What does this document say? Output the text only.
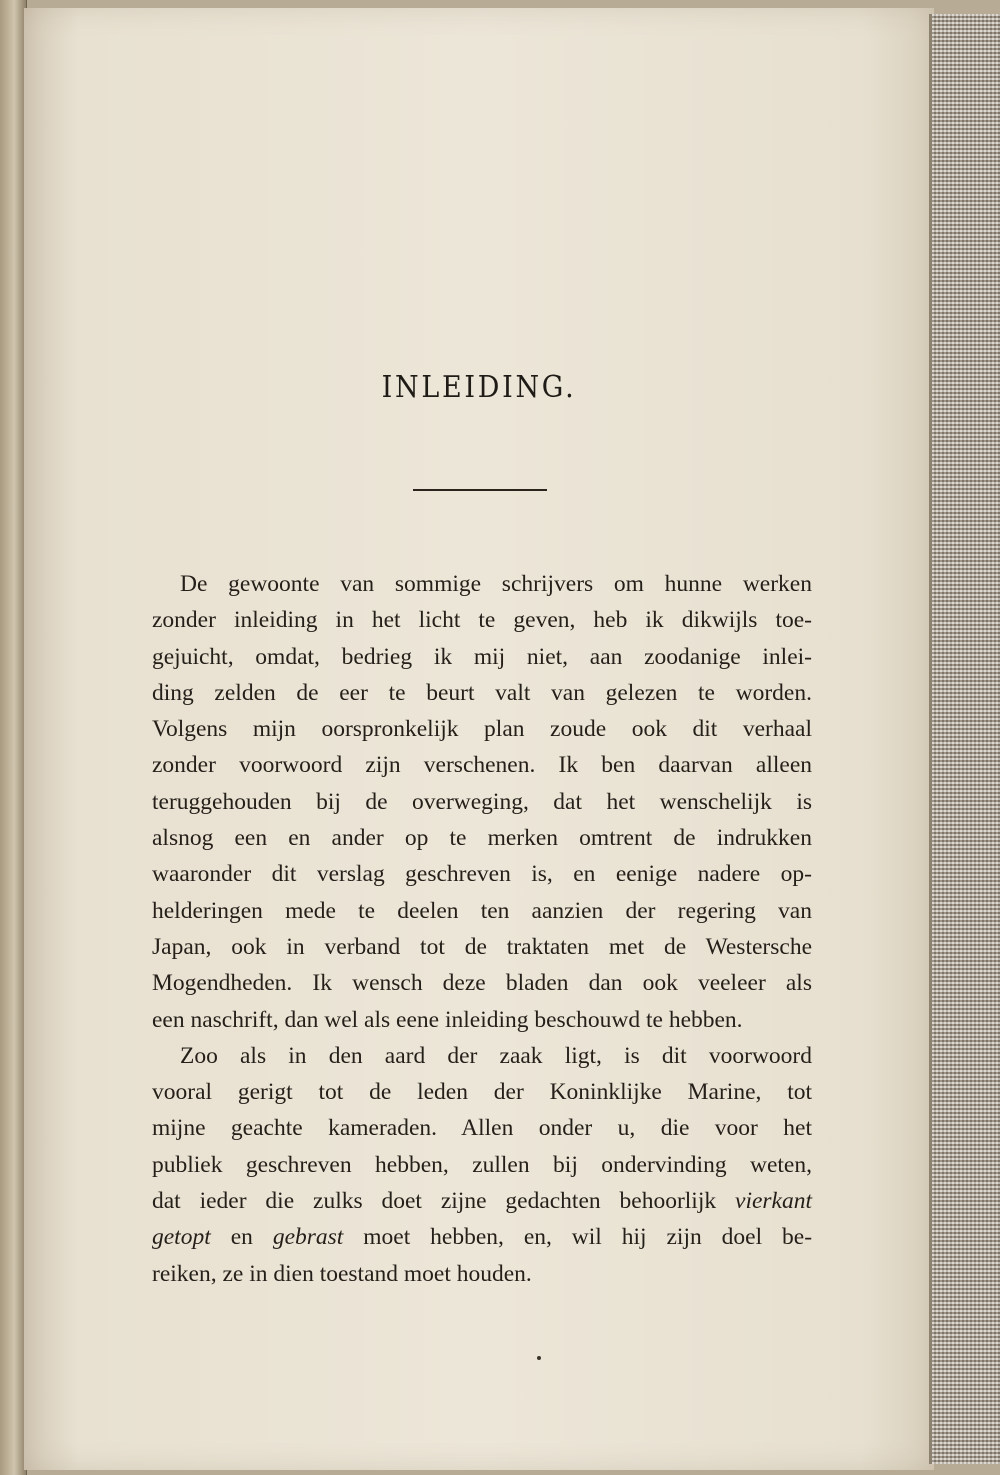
INLEIDING.
De gewoonte van sommige schrijvers om hunne werken
zonder inleiding in het licht te geven, heb ik dikwijls toe-
gejuicht, omdat, bedrieg ik mij niet, aan zoodanige inlei-
ding zelden de eer te beurt valt van gelezen te worden.
Volgens mijn oorspronkelijk plan zoude ook dit verhaal
zonder voorwoord zijn verschenen. Ik ben daarvan alleen
teruggehouden bij de overweging, dat het wenschelijk is
alsnog een en ander op te merken omtrent de indrukken
waaronder dit verslag geschreven is, en eenige nadere op-
helderingen mede te deelen ten aanzien der regering van
Japan, ook in verband tot de traktaten met de Westersche
Mogendheden. Ik wensch deze bladen dan ook veeleer als
een naschrift, dan wel als eene inleiding beschouwd te hebben.
Zoo als in den aard der zaak ligt, is dit voorwoord
vooral gerigt tot de leden der Koninklijke Marine, tot
mijne geachte kameraden. Allen onder u, die voor het
publiek geschreven hebben, zullen bij ondervinding weten,
dat ieder die zulks doet zijne gedachten behoorlijk vierkant
getopt en gebrast moet hebben, en, wil hij zijn doel be-
reiken, ze in dien toestand moet houden.
